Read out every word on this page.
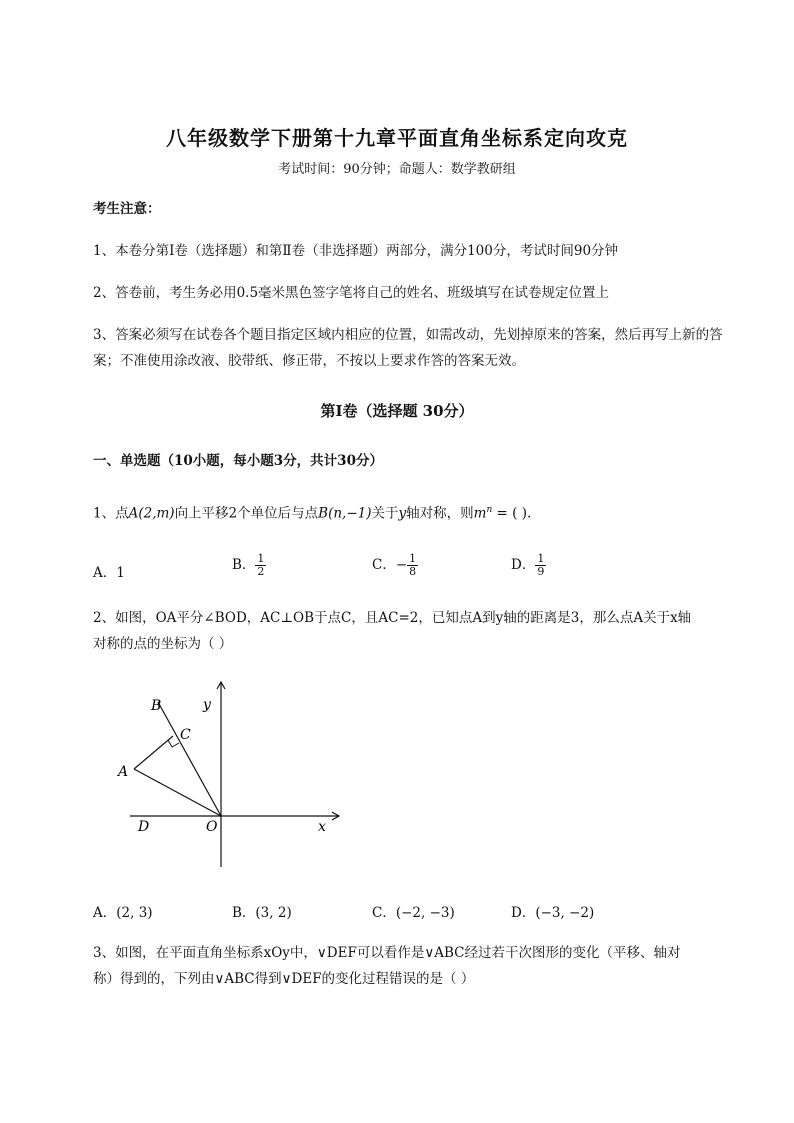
八年级数学下册第十九章平面直角坐标系定向攻克
考试时间：90分钟；命题人：数学教研组
考生注意：
1、本卷分第I卷（选择题）和第Ⅱ卷（非选择题）两部分，满分100分，考试时间90分钟
2、答卷前，考生务必用0.5毫米黑色签字笔将自己的姓名、班级填写在试卷规定位置上
3、答案必须写在试卷各个题目指定区域内相应的位置，如需改动，先划掉原来的答案，然后再写上新的答案；不准使用涂改液、胶带纸、修正带，不按以上要求作答的答案无效。
第I卷（选择题 30分）
一、单选题（10小题，每小题3分，共计30分）
1、点A(2,m)向上平移2个单位后与点B(n,−1)关于y轴对称，则$m^n$ = ( ).
A．1	B． $\frac{1}{2}$	C．− $\frac{1}{8}$	D． $\frac{1}{9}$
2、如图，OA平分∠BOD，AC⊥OB于点C，且AC=2，已知点A到y轴的距离是3，那么点A关于x轴
对称的点的坐标为（ ）
B
C
A
D	O	x
y
A．(2, 3)	B．(3, 2)	C．(−2, −3)	D．(−3, −2)
3、如图，在平面直角坐标系xOy中，∨DEF可以看作是∨ABC经过若干次图形的变化（平移、轴对
称）得到的，下列由∨ABC得到∨DEF的变化过程错误的是（ ）
